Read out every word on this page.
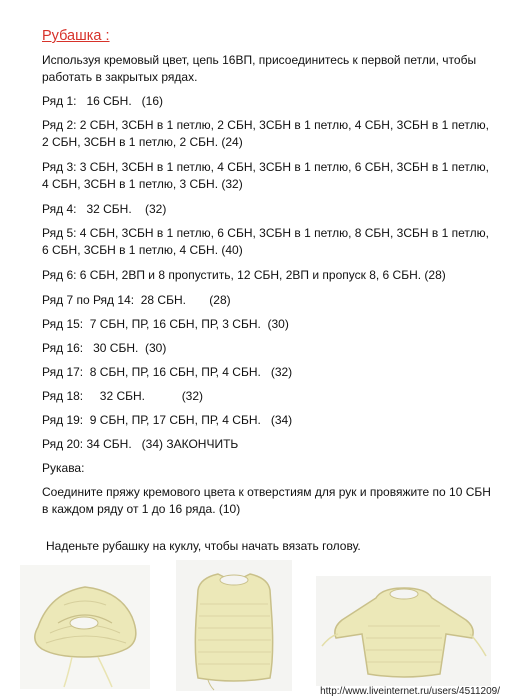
Рубашка :

Используя кремовый цвет, цепь 16ВП, присоединитесь к первой петли, чтобы работать в закрытых рядах.

Ряд 1:   16 СБН.   (16)

Ряд 2: 2 СБН, 3СБН в 1 петлю, 2 СБН, 3СБН в 1 петлю, 4 СБН, 3СБН в 1 петлю, 2 СБН, 3СБН в 1 петлю, 2 СБН. (24)

Ряд 3: 3 СБН, 3СБН в 1 петлю, 4 СБН, 3СБН в 1 петлю, 6 СБН, 3СБН в 1 петлю, 4 СБН, 3СБН в 1 петлю, 3 СБН. (32)

Ряд 4:   32 СБН.    (32)

Ряд 5: 4 СБН, 3СБН в 1 петлю, 6 СБН, 3СБН в 1 петлю, 8 СБН, 3СБН в 1 петлю, 6 СБН, 3СБН в 1 петлю, 4 СБН. (40)

Ряд 6: 6 СБН, 2ВП и 8 пропустить, 12 СБН, 2ВП и пропуск 8, 6 СБН. (28)

Ряд 7 по Ряд 14:  28 СБН.       (28)

Ряд 15:  7 СБН, ПР, 16 СБН, ПР, 3 СБН.  (30)

Ряд 16:   30 СБН.  (30)

Ряд 17:  8 СБН, ПР, 16 СБН, ПР, 4 СБН.   (32)

Ряд 18:     32 СБН.           (32)

Ряд 19:  9 СБН, ПР, 17 СБН, ПР, 4 СБН.   (34)

Ряд 20: 34 СБН.   (34) ЗАКОНЧИТЬ

Рукава:

Соедините пряжу кремового цвета к отверстиям для рук и провяжите по 10 СБН в каждом ряду от 1 до 16 ряда. (10)

Наденьте рубашку на куклу, чтобы начать вязать голову.

http://www.liveinternet.ru/users/4511209/
